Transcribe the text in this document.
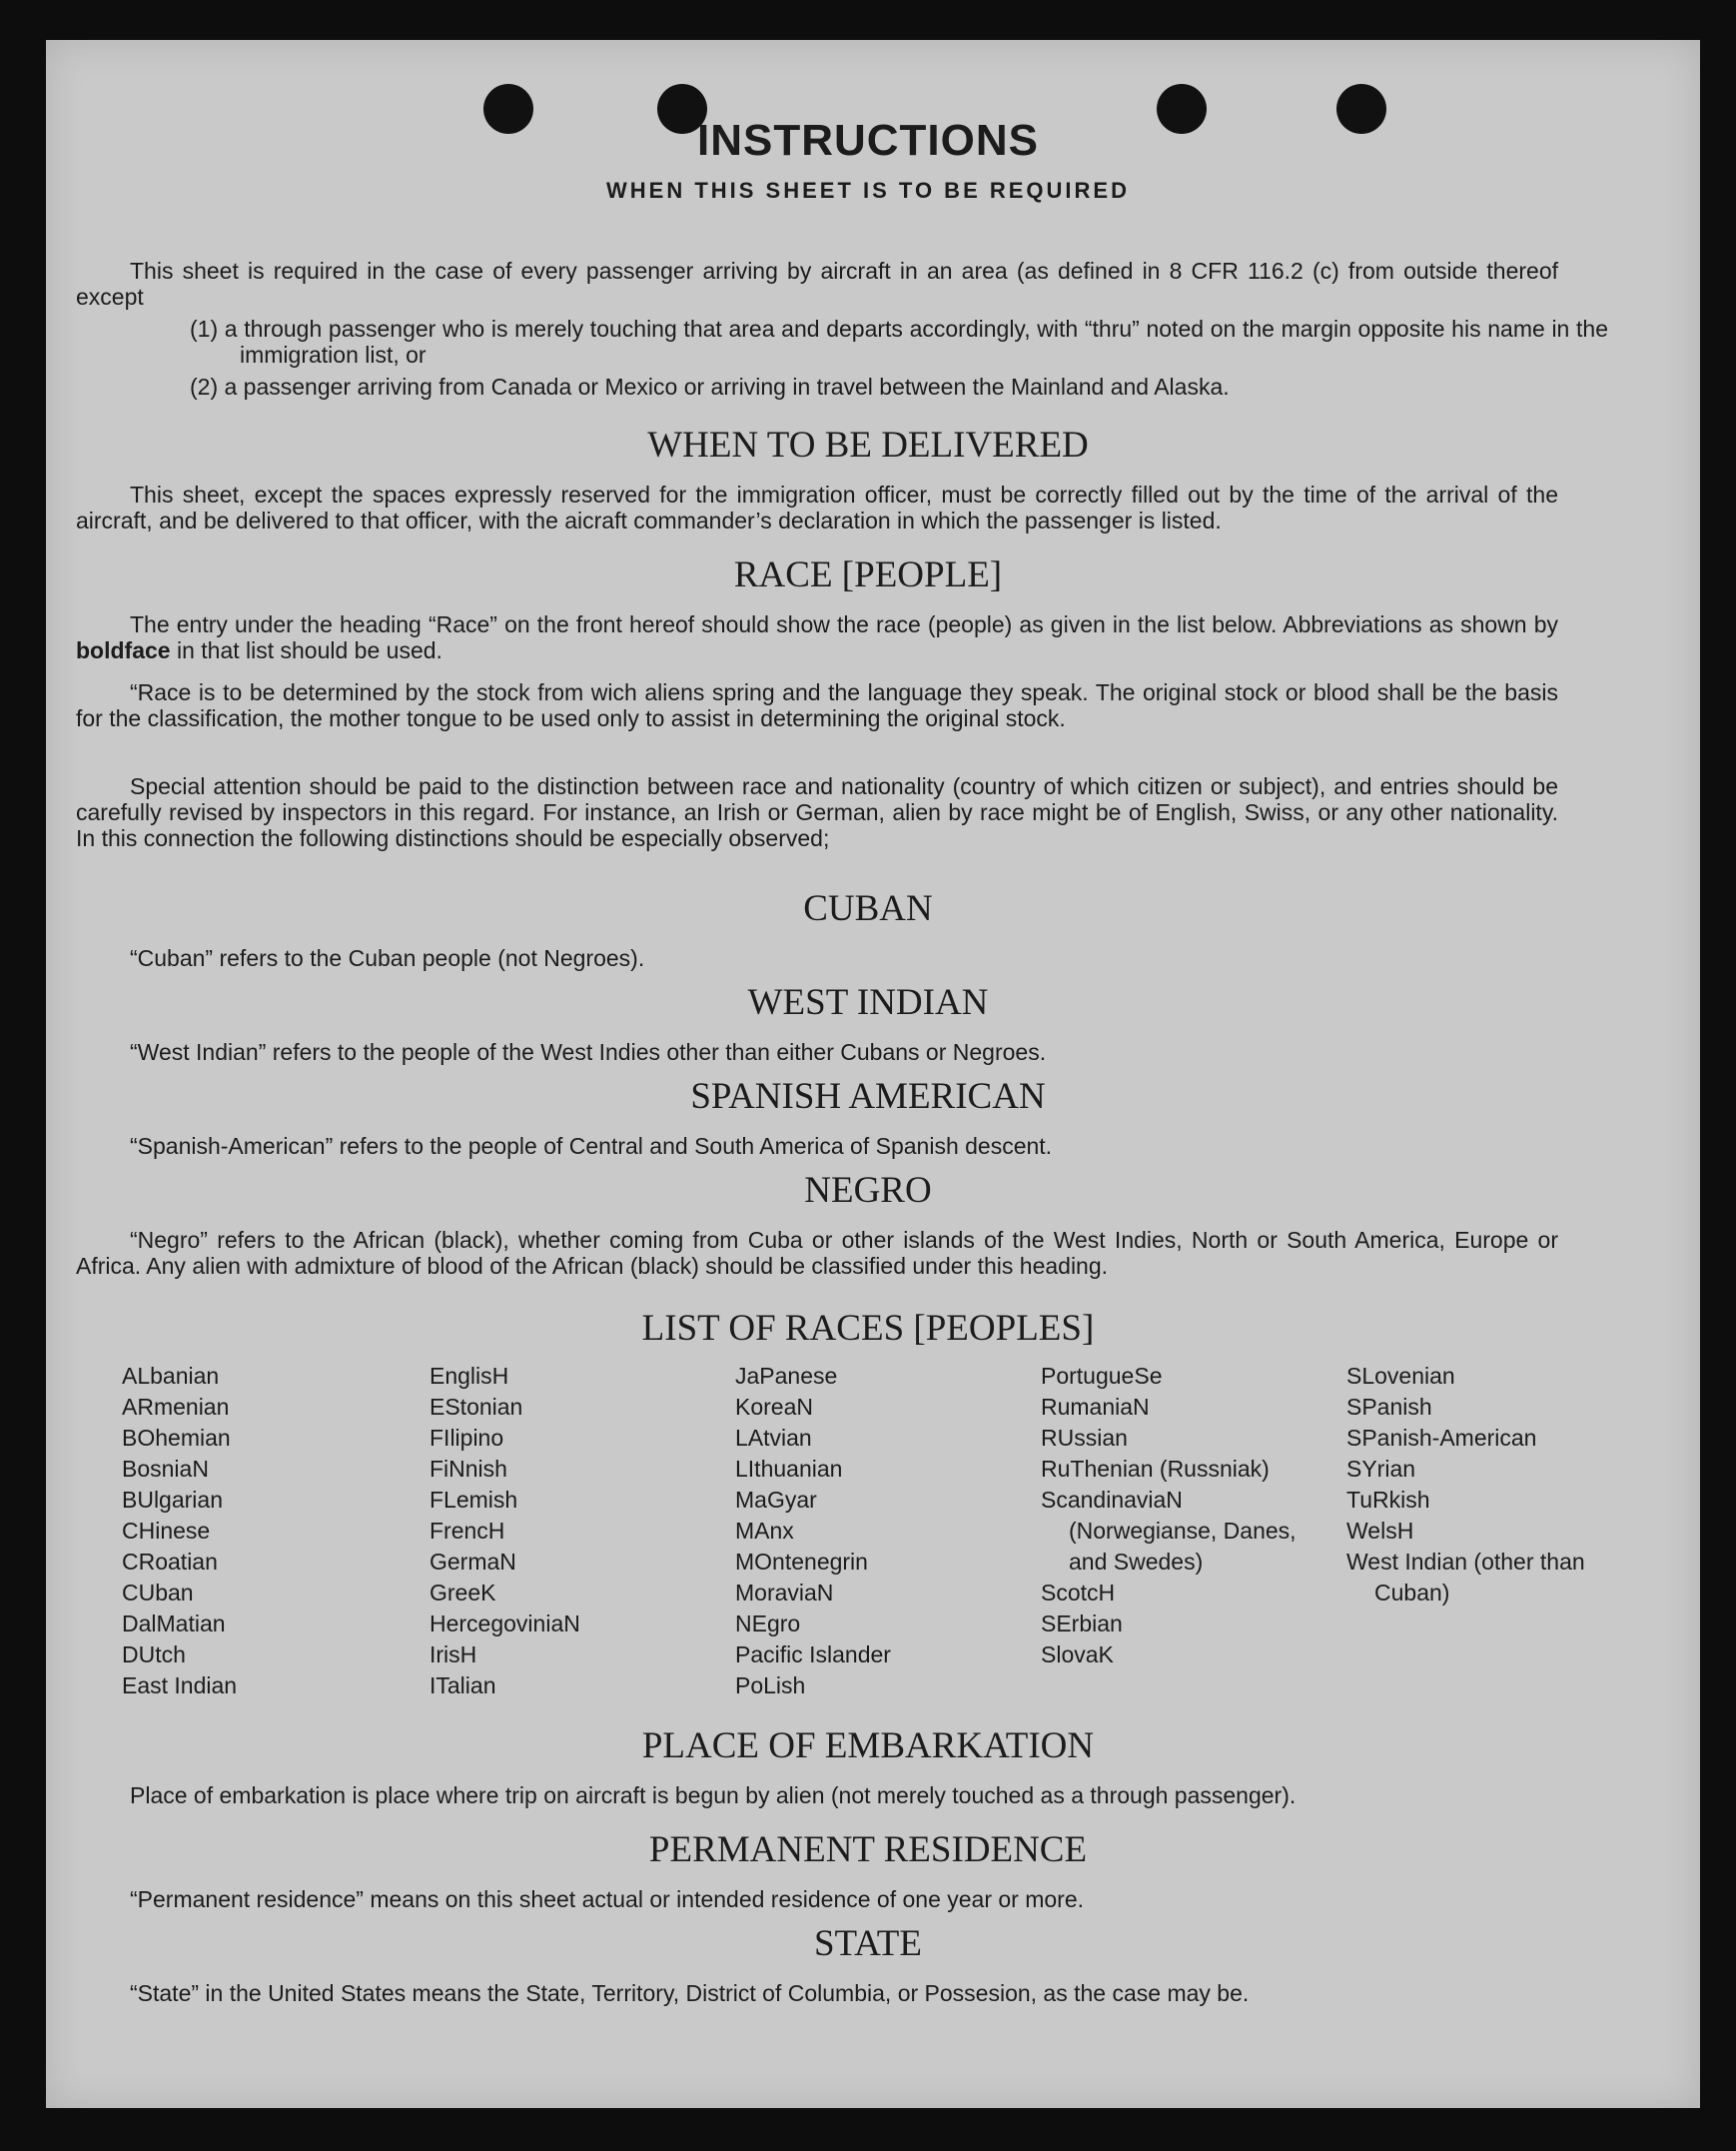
INSTRUCTIONS
WHEN THIS SHEET IS TO BE REQUIRED

This sheet is required in the case of every passenger arriving by aircraft in an area (as defined in 8 CFR 116.2 (c) from outside thereof except

(1) a through passenger who is merely touching that area and departs accordingly, with “thru” noted on the margin opposite his name in the immigration list, or

(2) a passenger arriving from Canada or Mexico or arriving in travel between the Mainland and Alaska.

WHEN TO BE DELIVERED

This sheet, except the spaces expressly reserved for the immigration officer, must be correctly filled out by the time of the arrival of the aircraft, and be delivered to that officer, with the aicraft commander’s declaration in which the passenger is listed.

RACE [PEOPLE]

The entry under the heading “Race” on the front hereof should show the race (people) as given in the list below. Abbreviations as shown by boldface in that list should be used.

“Race is to be determined by the stock from wich aliens spring and the language they speak. The original stock or blood shall be the basis for the classification, the mother tongue to be used only to assist in determining the original stock.

Special attention should be paid to the distinction between race and nationality (country of which citizen or subject), and entries should be carefully revised by inspectors in this regard. For instance, an Irish or German, alien by race might be of English, Swiss, or any other nationality. In this connection the following distinctions should be especially observed;

CUBAN

“Cuban” refers to the Cuban people (not Negroes).

WEST INDIAN

“West Indian” refers to the people of the West Indies other than either Cubans or Negroes.

SPANISH AMERICAN

“Spanish-American” refers to the people of Central and South America of Spanish descent.

NEGRO

“Negro” refers to the African (black), whether coming from Cuba or other islands of the West Indies, North or South America, Europe or Africa. Any alien with admixture of blood of the African (black) should be classified under this heading.

LIST OF RACES [PEOPLES]
ALbanian
ARmenian
BOhemian
BosniaN
BUlgarian
CHinese
CRoatian
CUban
DalMatian
DUtch
East Indian
EnglisH
EStonian
FIlipino
FiNnish
FLemish
FrencH
GermaN
GreeK
HercegoviniaN
IrisH
ITalian
JaPanese
KoreaN
LAtvian
LIthuanian
MaGyar
MAnx
MOntenegrin
MoraviaN
NEgro
Pacific Islander
PoLish
PortugueSe
RumaniaN
RUssian
RuThenian (Russniak)
ScandinaviaN (Norwegianse, Danes, and Swedes)
ScotcH
SErbian
SlovaK
SLovenian
SPanish
SPanish-American
SYrian
TuRkish
WelsH
West Indian (other than Cuban)
PLACE OF EMBARKATION

Place of embarkation is place where trip on aircraft is begun by alien (not merely touched as a through passenger).

PERMANENT RESIDENCE

“Permanent residence” means on this sheet actual or intended residence of one year or more.

STATE

“State” in the United States means the State, Territory, District of Columbia, or Possesion, as the case may be.
